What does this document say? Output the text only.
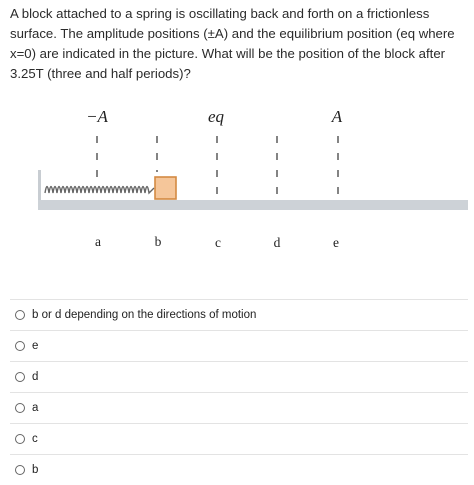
A block attached to a spring is oscillating back and forth on a frictionless surface. The amplitude positions (±A) and the equilibrium position (eq where x=0) are indicated in the picture. What will be the position of the block after 3.25T (three and half periods)?
−A	eq	A
a	b	c	d	e
b or d depending on the directions of motion
e
d
a
c
b
